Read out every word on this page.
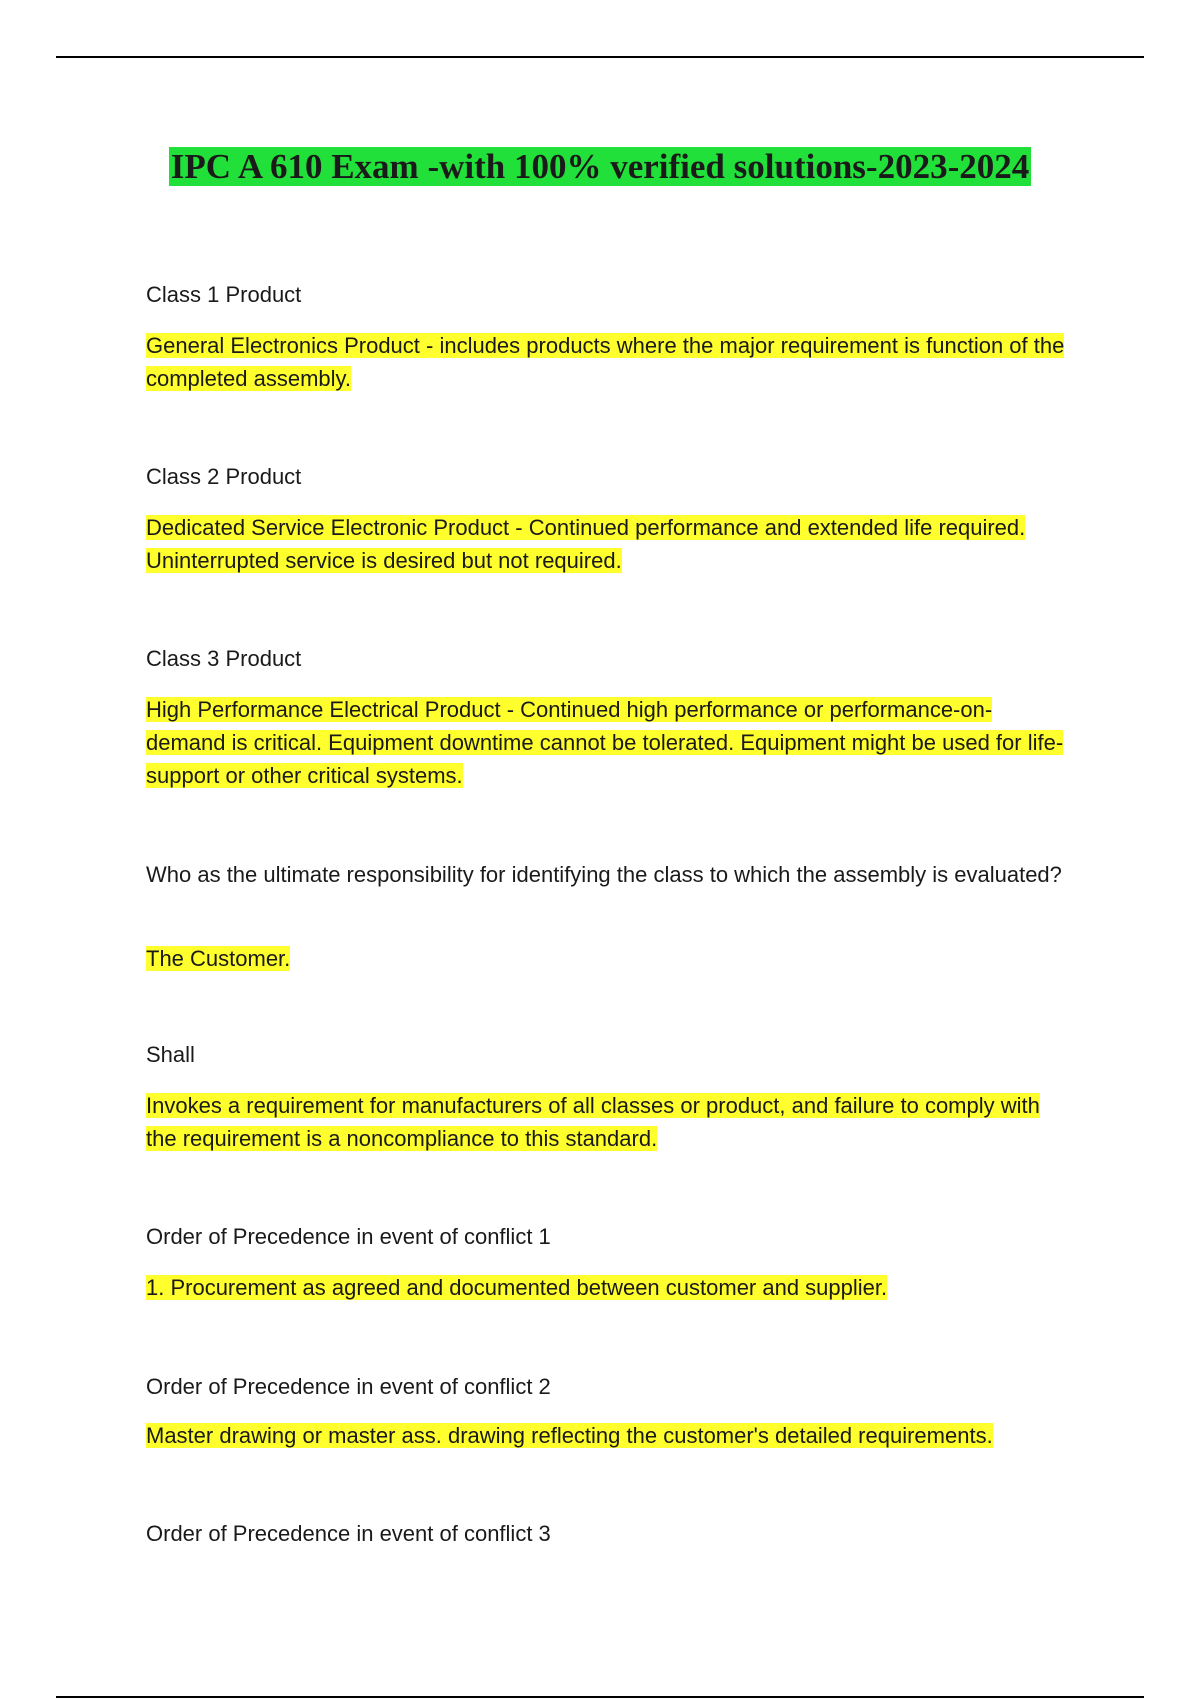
IPC A 610 Exam -with 100% verified solutions-2023-2024

Class 1 Product

General Electronics Product - includes products where the major requirement is function of the completed assembly.

Class 2 Product

Dedicated Service Electronic Product - Continued performance and extended life required. Uninterrupted service is desired but not required.

Class 3 Product

High Performance Electrical Product - Continued high performance or performance-on-demand is critical. Equipment downtime cannot be tolerated. Equipment might be used for life-support or other critical systems.

Who as the ultimate responsibility for identifying the class to which the assembly is evaluated?

The Customer.

Shall

Invokes a requirement for manufacturers of all classes or product, and failure to comply with the requirement is a noncompliance to this standard.

Order of Precedence in event of conflict 1

1. Procurement as agreed and documented between customer and supplier.

Order of Precedence in event of conflict 2

Master drawing or master ass. drawing reflecting the customer's detailed requirements.

Order of Precedence in event of conflict 3
